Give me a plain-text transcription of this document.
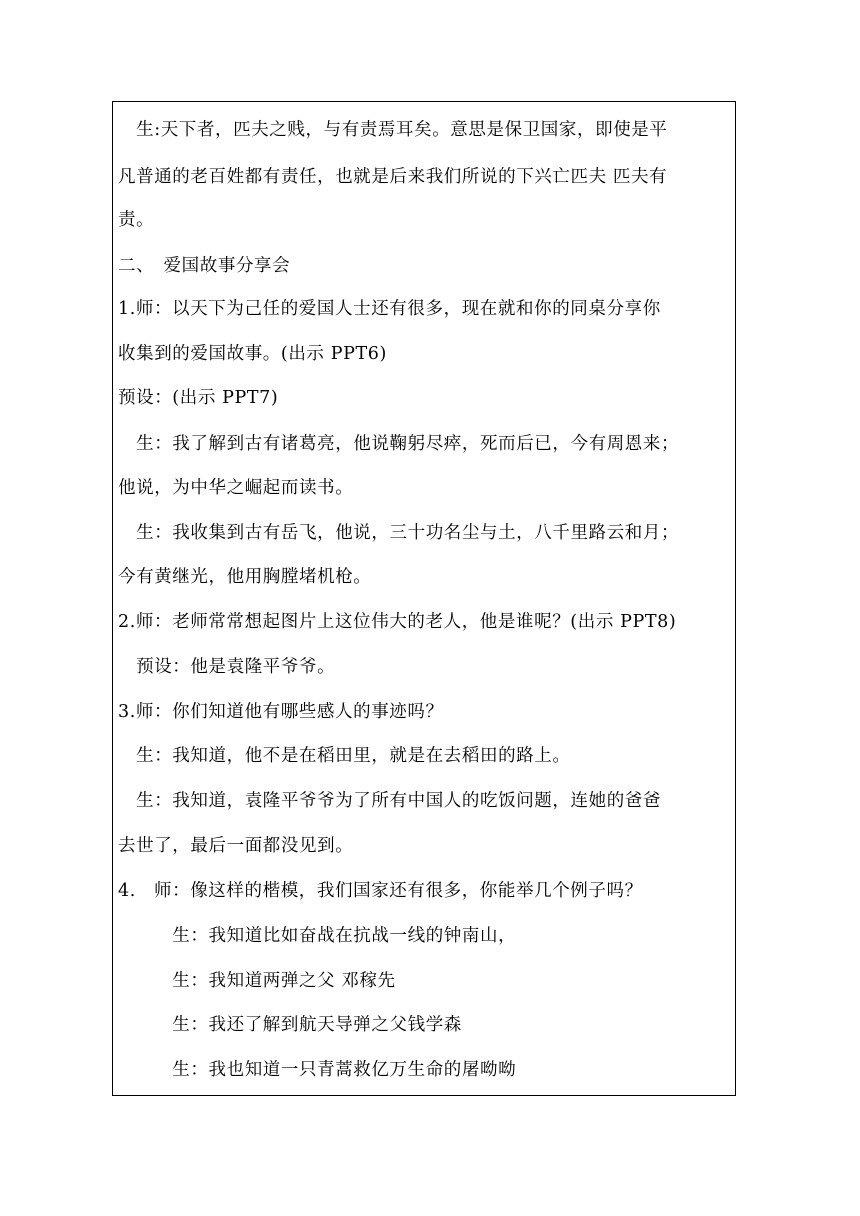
　生:天下者，匹夫之贱，与有责焉耳矣。意思是保卫国家，即使是平
凡普通的老百姓都有责任，也就是后来我们所说的下兴亡匹夫 匹夫有
责。
二、　爱国故事分享会
1.师：以天下为己任的爱国人士还有很多，现在就和你的同桌分享你
收集到的爱国故事。(出示 PPT6)
预设：(出示 PPT7)
　生：我了解到古有诸葛亮，他说鞠躬尽瘁，死而后已，今有周恩来；
他说，为中华之崛起而读书。
　生：我收集到古有岳飞，他说，三十功名尘与土，八千里路云和月；
今有黄继光，他用胸膛堵机枪。
2.师：老师常常想起图片上这位伟大的老人，他是谁呢？(出示 PPT8)
　预设：他是袁隆平爷爷。
3.师：你们知道他有哪些感人的事迹吗？
　生：我知道，他不是在稻田里，就是在去稻田的路上。
　生：我知道，袁隆平爷爷为了所有中国人的吃饭问题，连她的爸爸
去世了，最后一面都没见到。
4.　师：像这样的楷模，我们国家还有很多，你能举几个例子吗？
　　　生：我知道比如奋战在抗战一线的钟南山，
　　　生：我知道两弹之父 邓稼先
　　　生：我还了解到航天导弹之父钱学森
　　　生：我也知道一只青蒿救亿万生命的屠呦呦
